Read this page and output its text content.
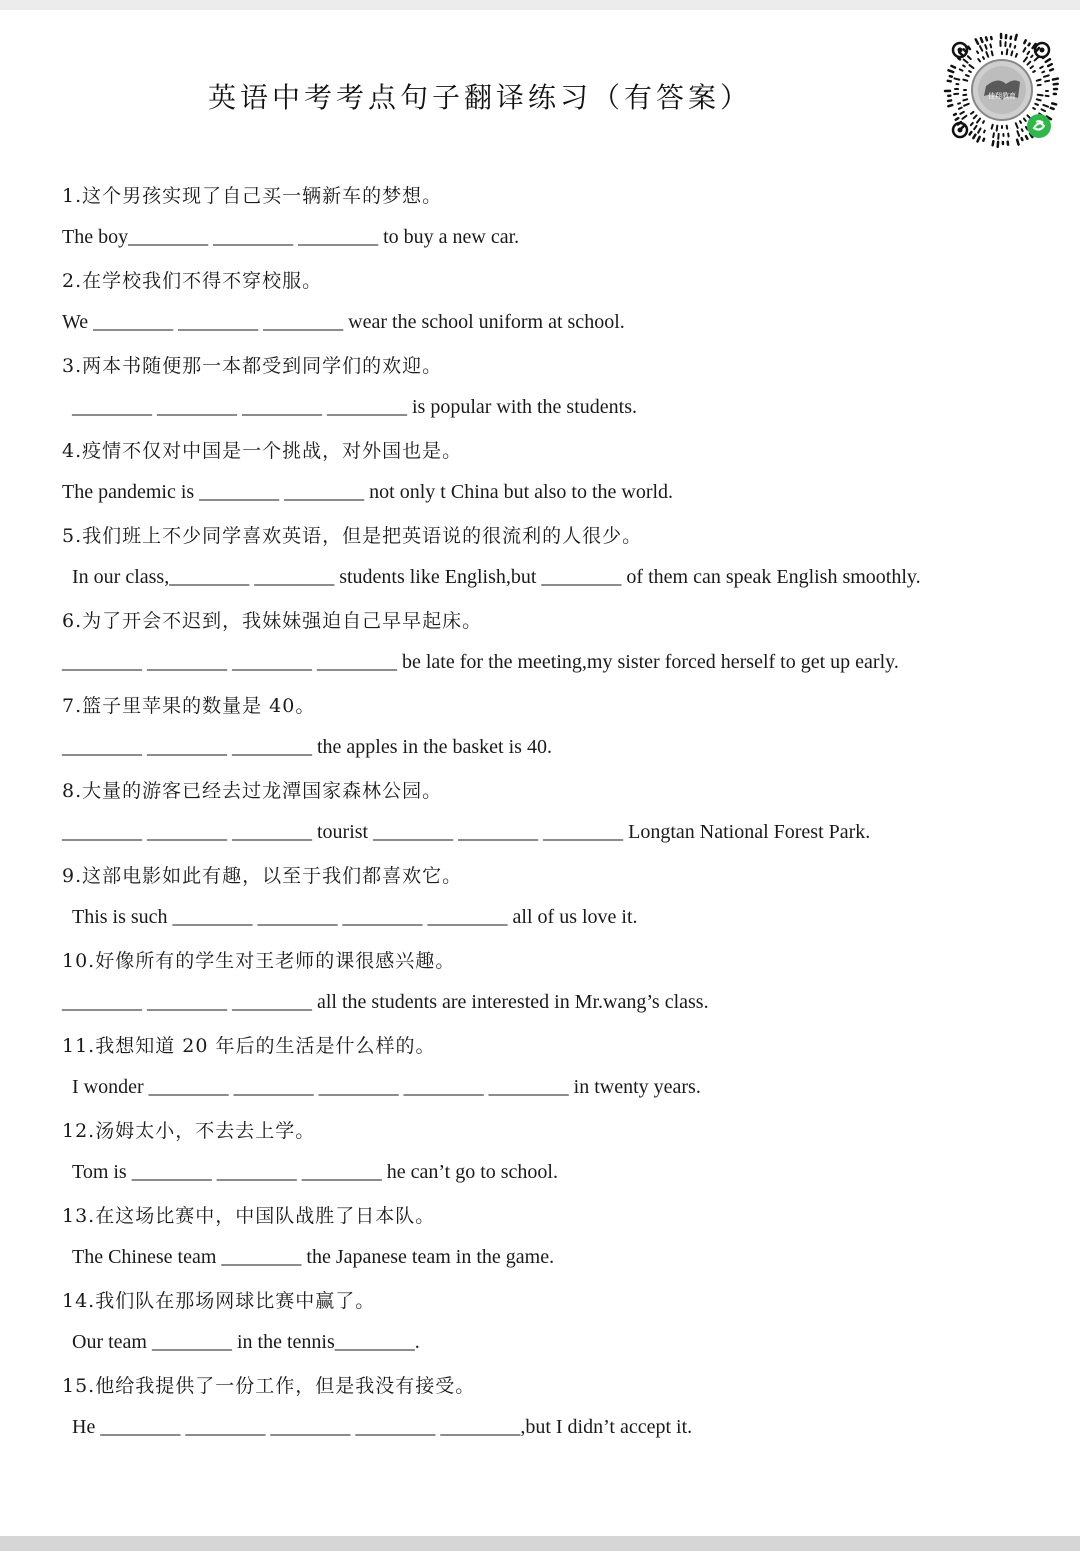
英语中考考点句子翻译练习（有答案）	佳翔教育
1.这个男孩实现了自己买一辆新车的梦想。
The boy________ ________ ________ to buy a new car.
2.在学校我们不得不穿校服。
We ________ ________ ________ wear the school uniform at school.
3.两本书随便那一本都受到同学们的欢迎。
________ ________ ________ ________ is popular with the students.
4.疫情不仅对中国是一个挑战，对外国也是。
The pandemic is ________ ________ not only t China but also to the world.
5.我们班上不少同学喜欢英语，但是把英语说的很流利的人很少。
In our class,________ ________ students like English,but ________ of them can speak English smoothly.
6.为了开会不迟到，我妹妹强迫自己早早起床。
________ ________ ________ ________ be late for the meeting,my sister forced herself to get up early.
7.篮子里苹果的数量是 40。
________ ________ ________ the apples in the basket is 40.
8.大量的游客已经去过龙潭国家森林公园。
________ ________ ________ tourist ________ ________ ________ Longtan National Forest Park.
9.这部电影如此有趣，以至于我们都喜欢它。
This is such ________ ________ ________ ________ all of us love it.
10.好像所有的学生对王老师的课很感兴趣。
________ ________ ________ all the students are interested in Mr.wang’s class.
11.我想知道 20 年后的生活是什么样的。
I wonder ________ ________ ________ ________ ________ in twenty years.
12.汤姆太小，不去去上学。
Tom is ________ ________ ________ he can’t go to school.
13.在这场比赛中，中国队战胜了日本队。
The Chinese team ________ the Japanese team in the game.
14.我们队在那场网球比赛中赢了。
Our team ________ in the tennis________.
15.他给我提供了一份工作，但是我没有接受。
He ________ ________ ________ ________ ________,but I didn’t accept it.
